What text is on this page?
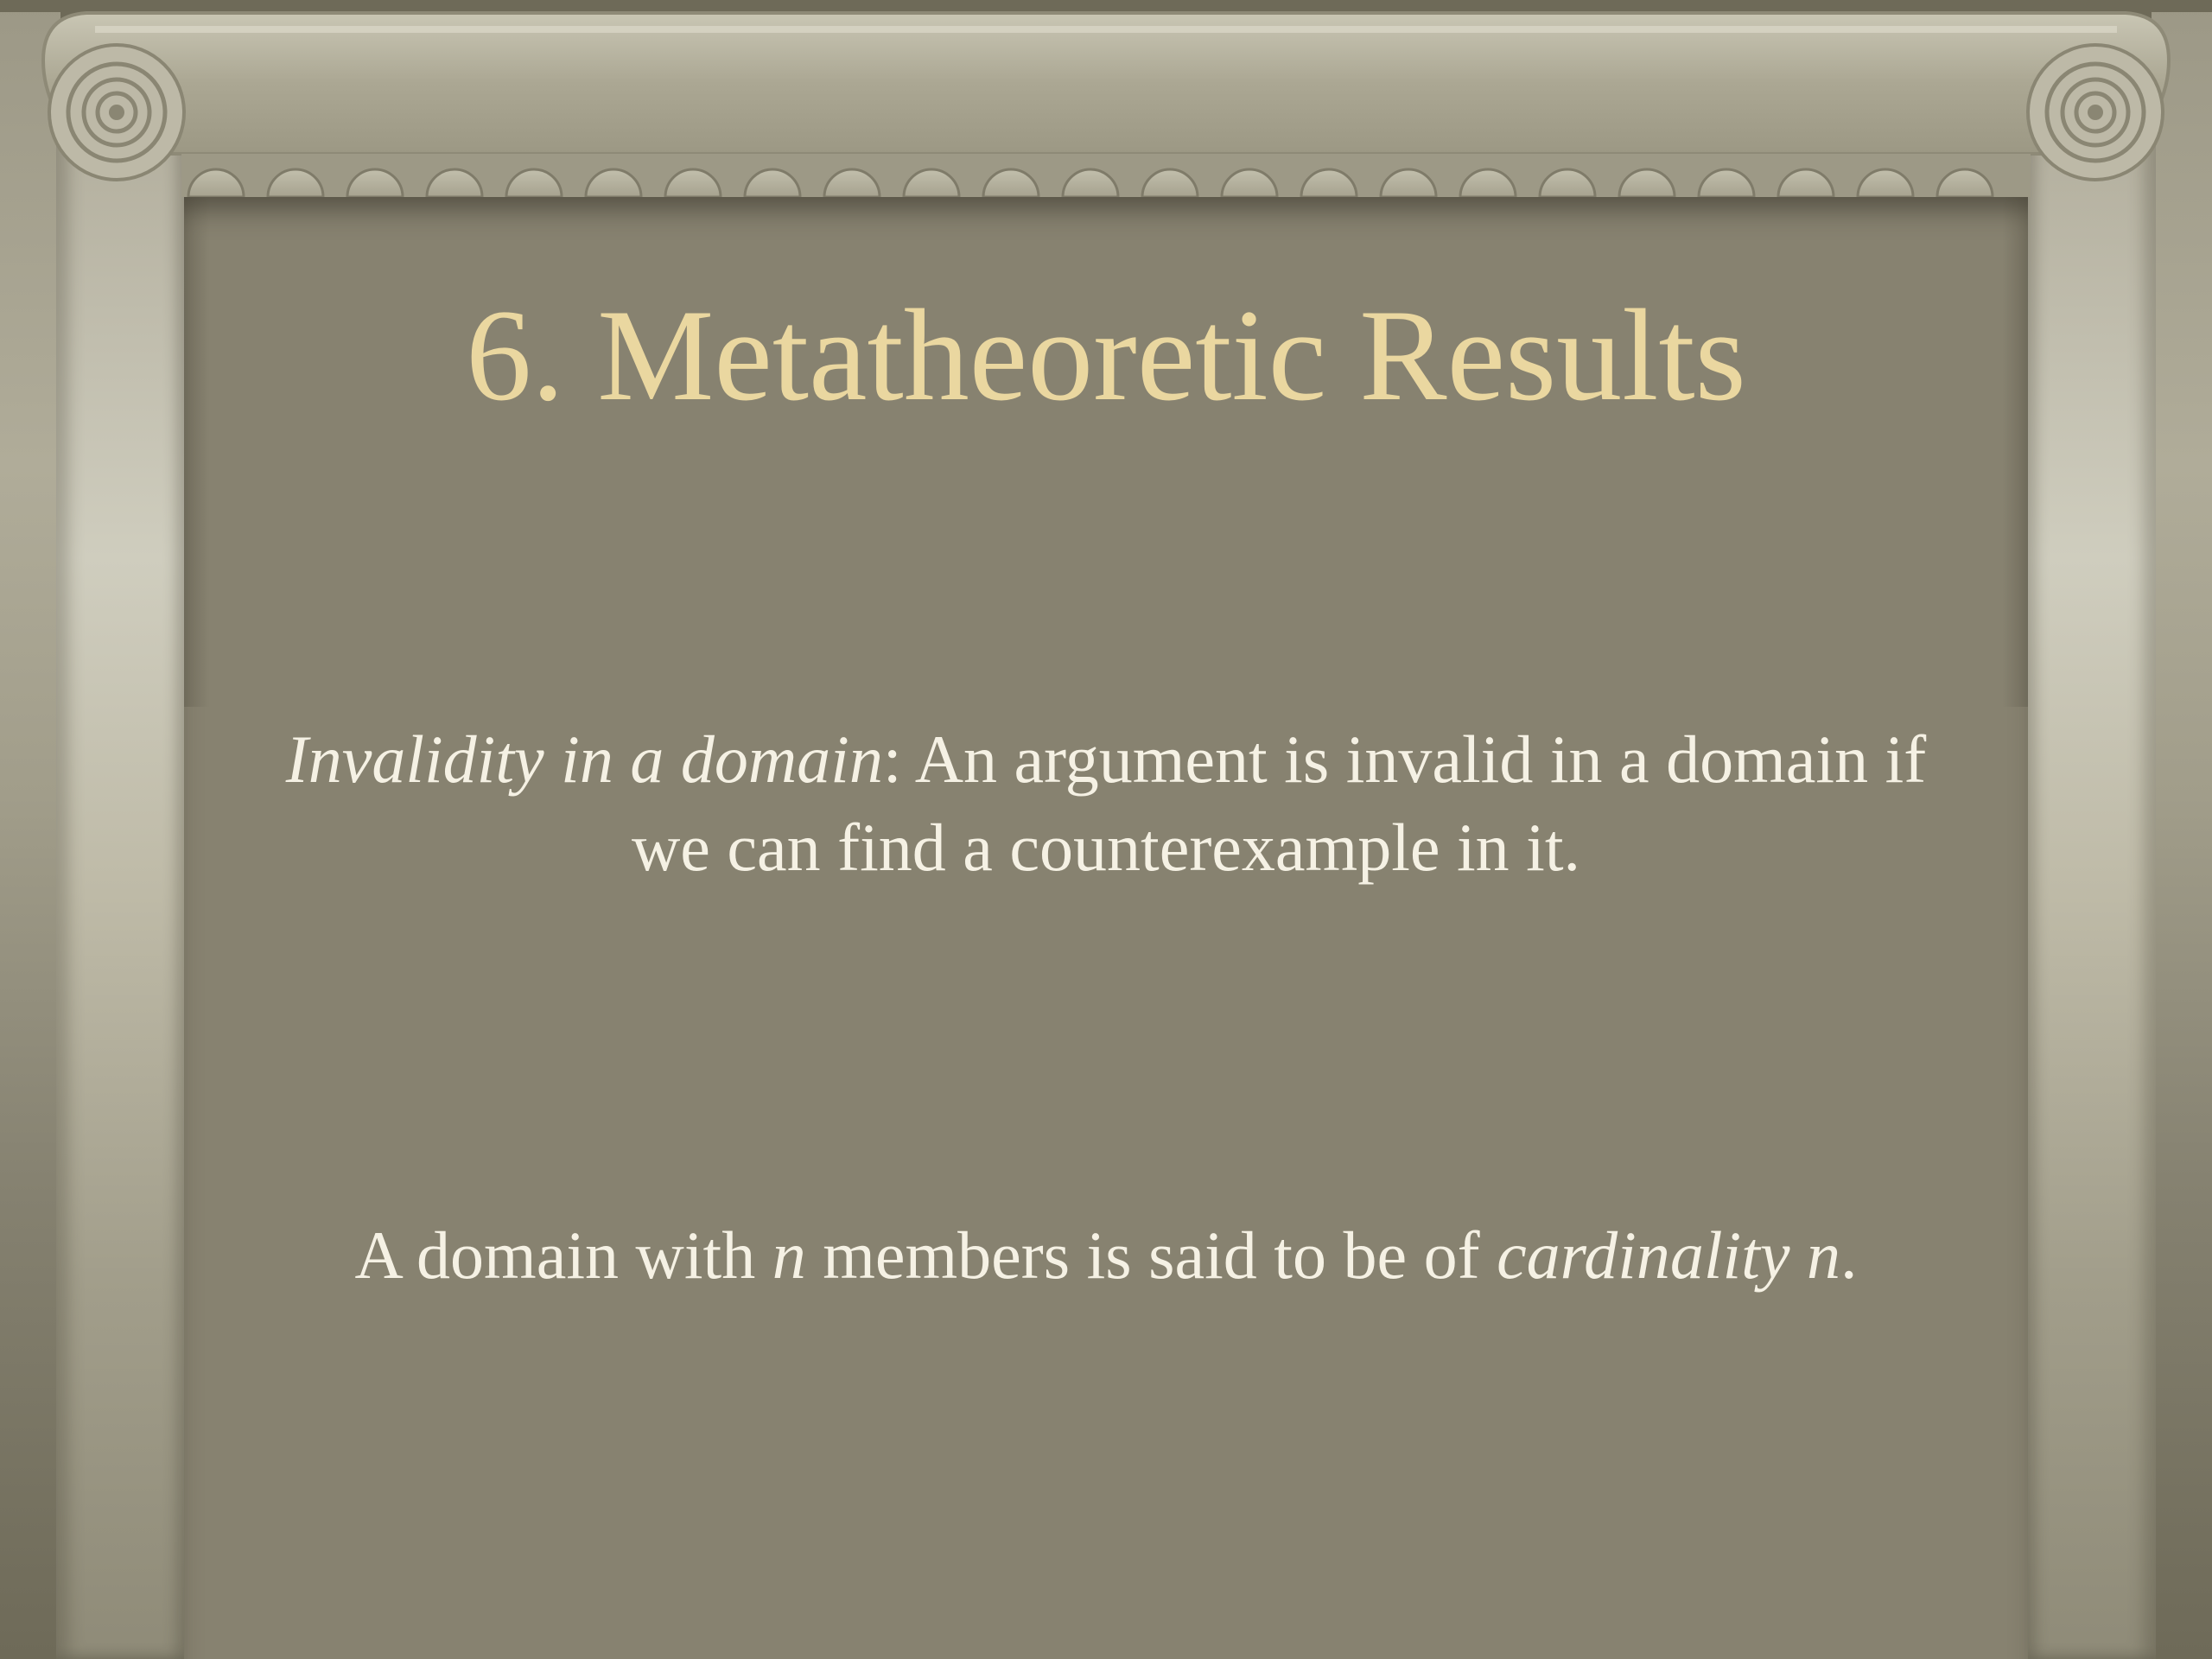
6. Metatheoretic Results

Invalidity in a domain: An argument is invalid in a domain if
we can find a counterexample in it.

A domain with n members is said to be of cardinality n.
